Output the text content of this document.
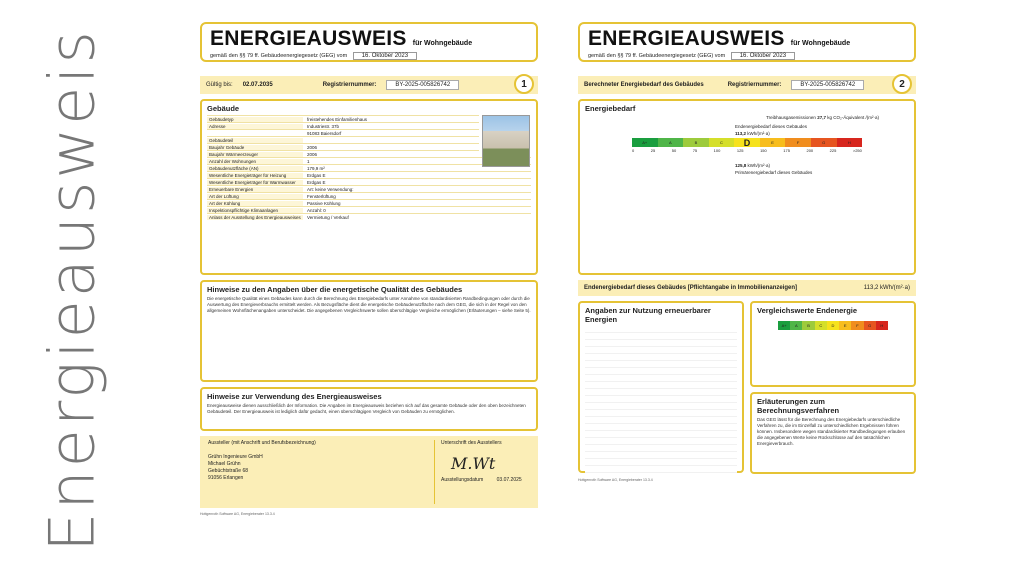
Energieausweis	ENERGIEAUSWEIS für Wohngebäude
gemäß den §§ 79 ff. Gebäudeenergiegesetz (GEG) vom 16. Oktober 2023
Gültig bis: 02.07.2035	Registriernummer:	BY-2025-005826742	1
Gebäude
Gebäudetyp	freistehendes Einfamilienhaus
Adresse	Industriestr. 37b
91083 Baiersdorf
Gebäudeteil
Baujahr Gebäude	2006
Baujahr Wärmeerzeuger	2006
Anzahl der Wohnungen	1
Gebäudenutzfläche (AN)	179,9 m²
Wesentliche Energieträger für Heizung	Erdgas E
Wesentliche Energieträger für Warmwasser	Erdgas E
Erneuerbare Energien	Art: keine Verwendung:
Art der Lüftung	Fensterlüftung
Art der Kühlung	Passive Kühlung
Inspektionspflichtige Klimaanlagen	Anzahl: 0
Anlass der Ausstellung des Energieausweises	Vermietung / Verkauf
Hinweise zu den Angaben über die energetische Qualität des Gebäudes
Die energetische Qualität eines Gebäudes kann durch die Berechnung des Energiebedarfs unter Annahme von standardisierten Randbedingungen oder durch die Auswertung des Energieverbrauchs ermittelt werden. Als Bezugsfläche dient die energetische Gebäudenutzfläche nach dem GEG, die sich in der Regel von den allgemeinen Wohnflächenangaben unterscheidet. Die angegebenen Vergleichswerte sollen überschlägige Vergleiche ermöglichen (Erläuterungen – siehe Seite 5).
Hinweise zur Verwendung des Energieausweises
Energieausweise dienen ausschließlich der Information. Die Angaben im Energieausweis beziehen sich auf das gesamte Gebäude oder den oben bezeichneten Gebäudeteil. Der Energieausweis ist lediglich dafür gedacht, einen überschlägigen Vergleich von Gebäuden zu ermöglichen.
Aussteller (mit Anschrift und Berufsbezeichnung)
Grühn Ingenieure GmbH
Michael Grühn
Gebüchtstraße 68
91056 Erlangen
Unterschrift des Ausstellers
M.Wt
Ausstellungsdatum	03.07.2025
Hottgenroth Software AG, Energieberater 13.3.4
ENERGIEAUSWEIS für Wohngebäude
gemäß den §§ 79 ff. Gebäudeenergiegesetz (GEG) vom 16. Oktober 2023
Berechneter Energiebedarf des Gebäudes	Registriernummer:	BY-2025-005826742	2
Energiebedarf
Treibhausgasemissionen 27,7 kg CO₂-Äquivalent /(m²·a)
Endenergiebedarf dieses Gebäudes
113,2 kWh/(m²·a)
A+	A	B	C	D	E	F	G	H
0	25	50	75	100	125	150	175	200	225	>250
125,8 kWh/(m²·a)
Primärenergiebedarf dieses Gebäudes
Endenergiebedarf dieses Gebäudes [Pflichtangabe in Immobilienanzeigen]	113,2 kWh/(m²·a)
Angaben zur Nutzung erneuerbarer Energien
Vergleichswerte Endenergie
A+	A	B	C	D	E	F	G	H
Erläuterungen zum Berechnungsverfahren
Das GEG lässt für die Berechnung des Energiebedarfs unterschiedliche Verfahren zu, die im Einzelfall zu unterschiedlichen Ergebnissen führen können. Insbesondere wegen standardisierter Randbedingungen erlauben die angegebenen Werte keine Rückschlüsse auf den tatsächlichen Energieverbrauch.
Hottgenroth Software AG, Energieberater 13.3.4
